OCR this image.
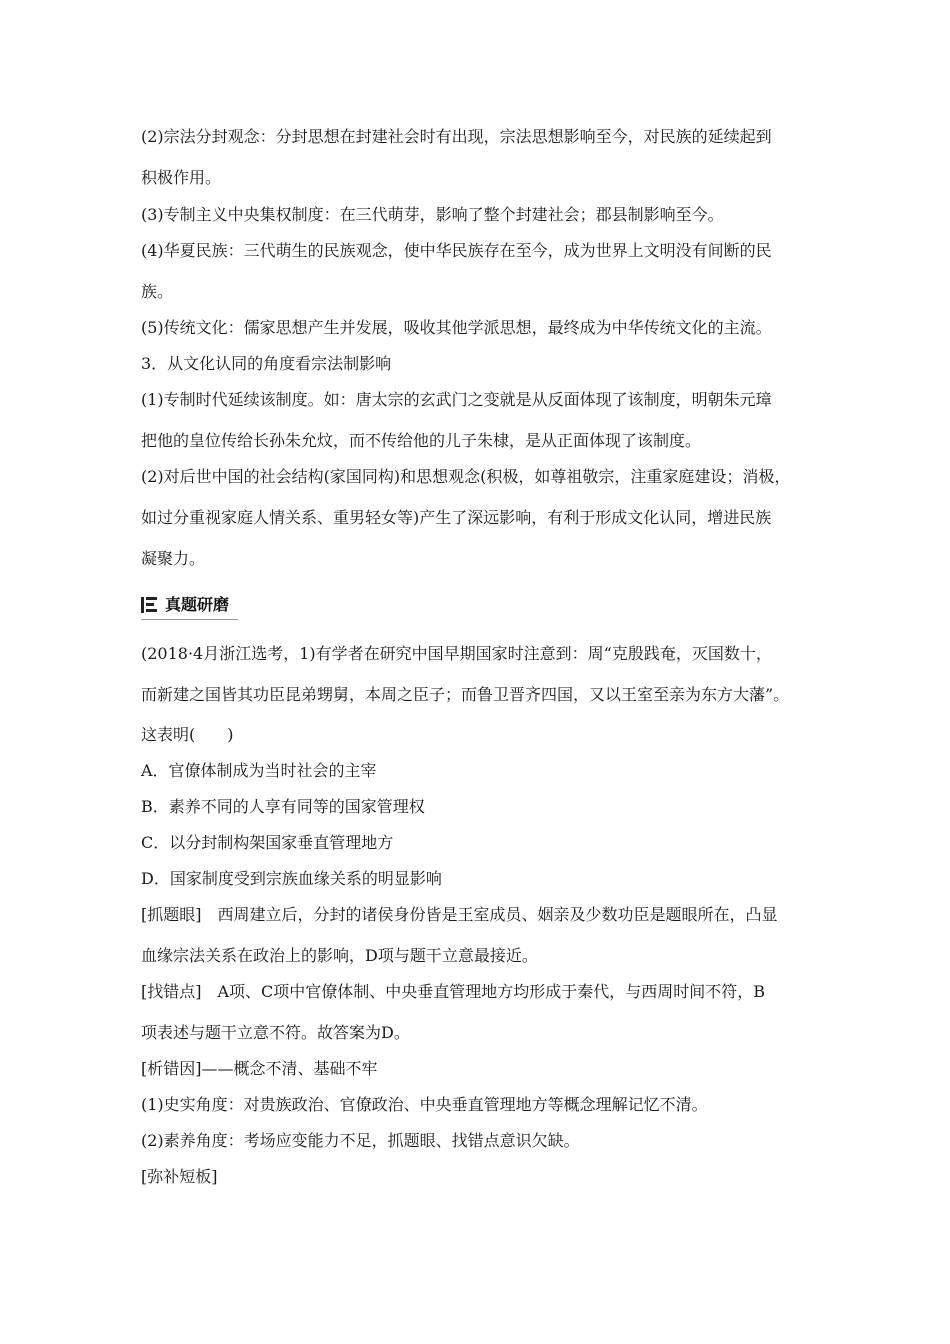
(2)宗法分封观念：分封思想在封建社会时有出现，宗法思想影响至今，对民族的延续起到
积极作用。
(3)专制主义中央集权制度：在三代萌芽，影响了整个封建社会；郡县制影响至今。
(4)华夏民族：三代萌生的民族观念，使中华民族存在至今，成为世界上文明没有间断的民
族。
(5)传统文化：儒家思想产生并发展，吸收其他学派思想，最终成为中华传统文化的主流。
3．从文化认同的角度看宗法制影响
(1)专制时代延续该制度。如：唐太宗的玄武门之变就是从反面体现了该制度，明朝朱元璋
把他的皇位传给长孙朱允炆，而不传给他的儿子朱棣，是从正面体现了该制度。
(2)对后世中国的社会结构(家国同构)和思想观念(积极，如尊祖敬宗，注重家庭建设；消极，
如过分重视家庭人情关系、重男轻女等)产生了深远影响，有利于形成文化认同，增进民族
凝聚力。
真题研磨
(2018·4月浙江选考，1)有学者在研究中国早期国家时注意到：周“克殷践奄，灭国数十，
而新建之国皆其功臣昆弟甥舅，本周之臣子；而鲁卫晋齐四国，又以王室至亲为东方大藩”。
这表明(　　)
A．官僚体制成为当时社会的主宰
B．素养不同的人享有同等的国家管理权
C．以分封制构架国家垂直管理地方
D．国家制度受到宗族血缘关系的明显影响
[抓题眼]　西周建立后，分封的诸侯身份皆是王室成员、姻亲及少数功臣是题眼所在，凸显
血缘宗法关系在政治上的影响，D项与题干立意最接近。
[找错点]　A项、C项中官僚体制、中央垂直管理地方均形成于秦代，与西周时间不符，B
项表述与题干立意不符。故答案为D。
[析错因]——概念不清、基础不牢
(1)史实角度：对贵族政治、官僚政治、中央垂直管理地方等概念理解记忆不清。
(2)素养角度：考场应变能力不足，抓题眼、找错点意识欠缺。
[弥补短板]
